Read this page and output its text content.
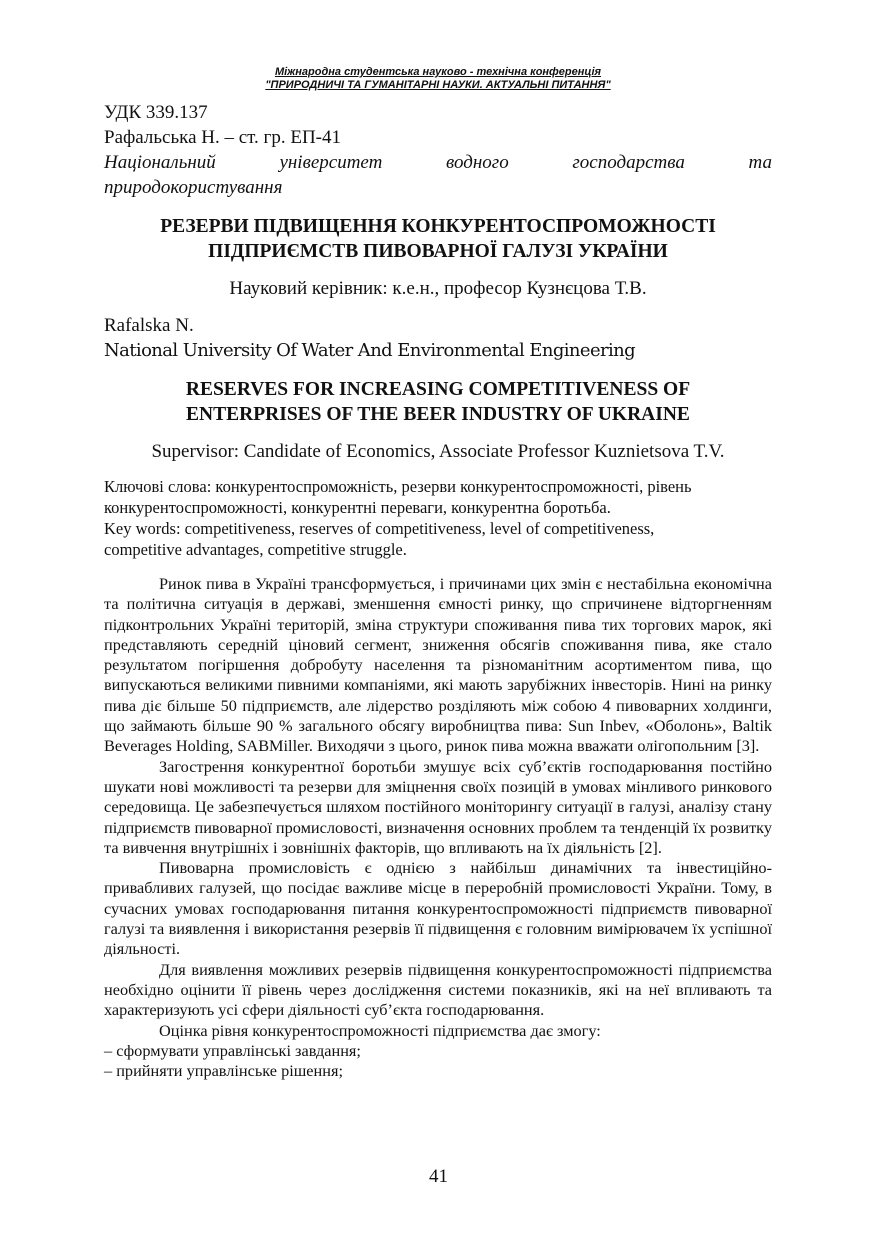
Міжнародна студентська науково - технічна конференція
"ПРИРОДНИЧІ ТА ГУМАНІТАРНІ НАУКИ. АКТУАЛЬНІ ПИТАННЯ"
УДК 339.137
Рафальська Н. – ст. гр. ЕП-41
Національний	університет	водного	господарства	та
природокористування
РЕЗЕРВИ ПІДВИЩЕННЯ КОНКУРЕНТОСПРОМОЖНОСТІ
ПІДПРИЄМСТВ ПИВОВАРНОЇ ГАЛУЗІ УКРАЇНИ
Науковий керівник: к.е.н., професор Кузнєцова Т.В.
Rafalska N.
National University Of Water And Environmental Engineering
RESERVES FOR INCREASING COMPETITIVENESS OF
ENTERPRISES OF THE BEER INDUSTRY OF UKRAINE
Supervisor: Candidate of Economics, Associate Professor Kuznietsova T.V.
Ключові слова: конкурентоспроможність, резерви конкурентоспроможності, рівень
конкурентоспроможності, конкурентні переваги, конкурентна боротьба.
Key words: competitiveness, reserves of competitiveness, level of competitiveness,
competitive advantages, competitive struggle.

Ринок пива в Україні трансформується, і причинами цих змін є нестабільна економічна та політична ситуація в державі, зменшення ємності ринку, що спричинене відторгненням підконтрольних Україні територій, зміна структури споживання пива тих торгових марок, які представляють середній ціновий сегмент, зниження обсягів споживання пива, яке стало результатом погіршення добробуту населення та різноманітним асортиментом пива, що випускаються великими пивними компаніями, які мають зарубіжних інвесторів. Нині на ринку пива діє більше 50 підприємств, але лідерство розділяють між собою 4 пивоварних холдинги, що займають більше 90 % загального обсягу виробництва пива: Sun Inbev, «Оболонь», Baltik Beverages Holding, SABMiller. Виходячи з цього, ринок пива можна вважати олігопольним [3].

Загострення конкурентної боротьби змушує всіх суб’єктів господарювання постійно шукати нові можливості та резерви для зміцнення своїх позицій в умовах мінливого ринкового середовища. Це забезпечується шляхом постійного моніторингу ситуації в галузі, аналізу стану підприємств пивоварної промисловості, визначення основних проблем та тенденцій їх розвитку та вивчення внутрішніх і зовнішніх факторів, що впливають на їх діяльність [2].

Пивоварна промисловість є однією з найбільш динамічних та інвестиційно-привабливих галузей, що посідає важливе місце в переробній промисловості України. Тому, в сучасних умовах господарювання питання конкурентоспроможності підприємств пивоварної галузі та виявлення і використання резервів її підвищення є головним вимірювачем їх успішної діяльності.

Для виявлення можливих резервів підвищення конкурентоспроможності підприємства необхідно оцінити її рівень через дослідження системи показників, які на неї впливають та характеризують усі сфери діяльності суб’єкта господарювання.

Оцінка рівня конкурентоспроможності підприємства дає змогу:

– сформувати управлінські завдання;

– прийняти управлінське рішення;

41
